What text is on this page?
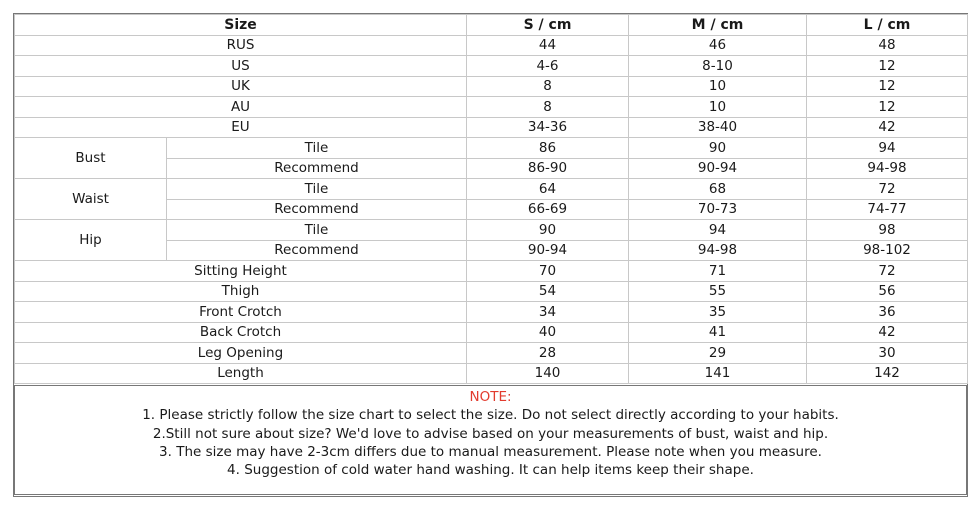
Size		S / cm	M / cm	L / cm
RUS		44	46	48
US		4-6	8-10	12
UK		8	10	12
AU		8	10	12
EU		34-36	38-40	42
Bust	Tile	86	90	94
	Recommend	86-90	90-94	94-98
Waist	Tile	64	68	72
	Recommend	66-69	70-73	74-77
Hip	Tile	90	94	98
	Recommend	90-94	94-98	98-102
Sitting Height		70	71	72
Thigh		54	55	56
Front Crotch		34	35	36
Back Crotch		40	41	42
Leg Opening		28	29	30
Length		140	141	142
NOTE:
1. Please strictly follow the size chart to select the size. Do not select directly according to your habits.
2.Still not sure about size? We'd love to advise based on your measurements of bust, waist and hip.
3. The size may have 2-3cm differs due to manual measurement. Please note when you measure.
4. Suggestion of cold water hand washing. It can help items keep their shape.
